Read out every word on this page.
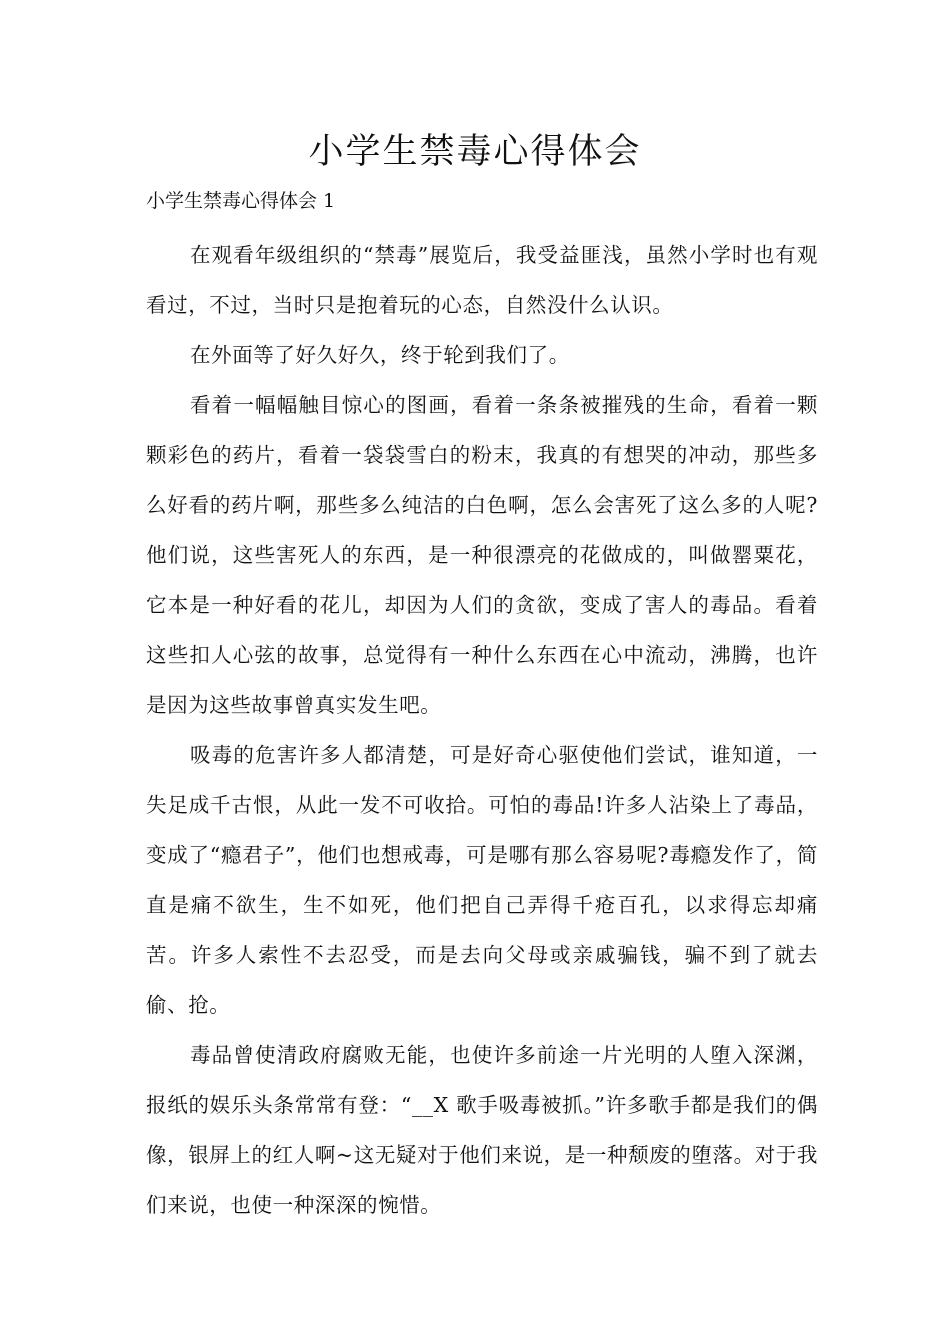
小学生禁毒心得体会

小学生禁毒心得体会 1

在观看年级组织的“禁毒”展览后，我受益匪浅，虽然小学时也有观看过，不过，当时只是抱着玩的心态，自然没什么认识。

在外面等了好久好久，终于轮到我们了。

看着一幅幅触目惊心的图画，看着一条条被摧残的生命，看着一颗颗彩色的药片，看着一袋袋雪白的粉末，我真的有想哭的冲动，那些多么好看的药片啊，那些多么纯洁的白色啊，怎么会害死了这么多的人呢?他们说，这些害死人的东西，是一种很漂亮的花做成的，叫做罂粟花，它本是一种好看的花儿，却因为人们的贪欲，变成了害人的毒品。看着这些扣人心弦的故事，总觉得有一种什么东西在心中流动，沸腾，也许是因为这些故事曾真实发生吧。

吸毒的危害许多人都清楚，可是好奇心驱使他们尝试，谁知道，一失足成千古恨，从此一发不可收拾。可怕的毒品!许多人沾染上了毒品，变成了“瘾君子”，他们也想戒毒，可是哪有那么容易呢?毒瘾发作了，简直是痛不欲生，生不如死，他们把自己弄得千疮百孔，以求得忘却痛苦。许多人索性不去忍受，而是去向父母或亲戚骗钱，骗不到了就去偷、抢。

毒品曾使清政府腐败无能，也使许多前途一片光明的人堕入深渊，报纸的娱乐头条常常有登：“__X 歌手吸毒被抓。”许多歌手都是我们的偶像，银屏上的红人啊~这无疑对于他们来说，是一种颓废的堕落。对于我们来说，也使一种深深的惋惜。
